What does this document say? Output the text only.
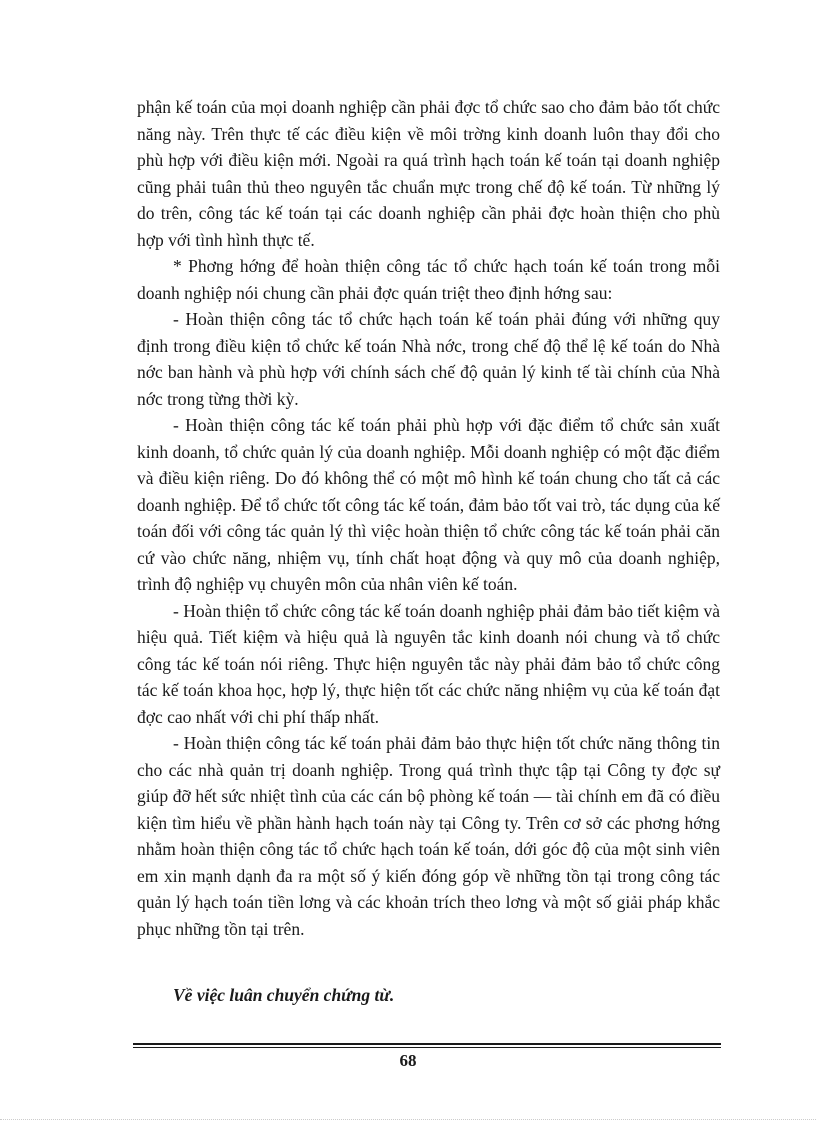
phận kế toán của mọi doanh nghiệp cần phải đợc tổ chức sao cho đảm bảo tốt chức năng này. Trên thực tế các điều kiện về môi trờng kinh doanh luôn thay đổi cho phù hợp với điều kiện mới. Ngoài ra quá trình hạch toán kế toán tại doanh nghiệp cũng phải tuân thủ theo nguyên tắc chuẩn mực trong chế độ kế toán. Từ những lý do trên, công tác kế toán tại các doanh nghiệp cần phải đợc hoàn thiện cho phù hợp với tình hình thực tế.

* Phơng hớng để hoàn thiện công tác tổ chức hạch toán kế toán trong mỗi doanh nghiệp nói chung cần phải đợc quán triệt theo định hớng sau:

- Hoàn thiện công tác tổ chức hạch toán kế toán phải đúng với những quy định trong điều kiện tổ chức kế toán Nhà nớc, trong chế độ thể lệ kế toán do Nhà nớc ban hành và phù hợp với chính sách chế độ quản lý kinh tế tài chính của Nhà nớc trong từng thời kỳ.

- Hoàn thiện công tác kế toán phải phù hợp với đặc điểm tổ chức sản xuất kinh doanh, tổ chức quản lý của doanh nghiệp. Mỗi doanh nghiệp có một đặc điểm và điều kiện riêng. Do đó không thể có một mô hình kế toán chung cho tất cả các doanh nghiệp. Để tổ chức tốt công tác kế toán, đảm bảo tốt vai trò, tác dụng của kế toán đối với công tác quản lý thì việc hoàn thiện tổ chức công tác kế toán phải căn cứ vào chức năng, nhiệm vụ, tính chất hoạt động và quy mô của doanh nghiệp, trình độ nghiệp vụ chuyên môn của nhân viên kế toán.

- Hoàn thiện tổ chức công tác kế toán doanh nghiệp phải đảm bảo tiết kiệm và hiệu quả. Tiết kiệm và hiệu quả là nguyên tắc kinh doanh nói chung và tổ chức công tác kế toán nói riêng. Thực hiện nguyên tắc này phải đảm bảo tổ chức công tác kế toán khoa học, hợp lý, thực hiện tốt các chức năng nhiệm vụ của kế toán đạt đợc cao nhất với chi phí thấp nhất.

- Hoàn thiện công tác kế toán phải đảm bảo thực hiện tốt chức năng thông tin cho các nhà quản trị doanh nghiệp. Trong quá trình thực tập tại Công ty đợc sự giúp đỡ hết sức nhiệt tình của các cán bộ phòng kế toán — tài chính em đã có điều kiện tìm hiểu về phần hành hạch toán này tại Công ty. Trên cơ sở các phơng hớng nhằm hoàn thiện công tác tổ chức hạch toán kế toán, dới góc độ của một sinh viên em xin mạnh dạnh đa ra một số ý kiến đóng góp về những tồn tại trong công tác quản lý hạch toán tiền lơng và các khoản trích theo lơng và một số giải pháp khắc phục những tồn tại trên.

Về việc luân chuyển chứng từ.
68
